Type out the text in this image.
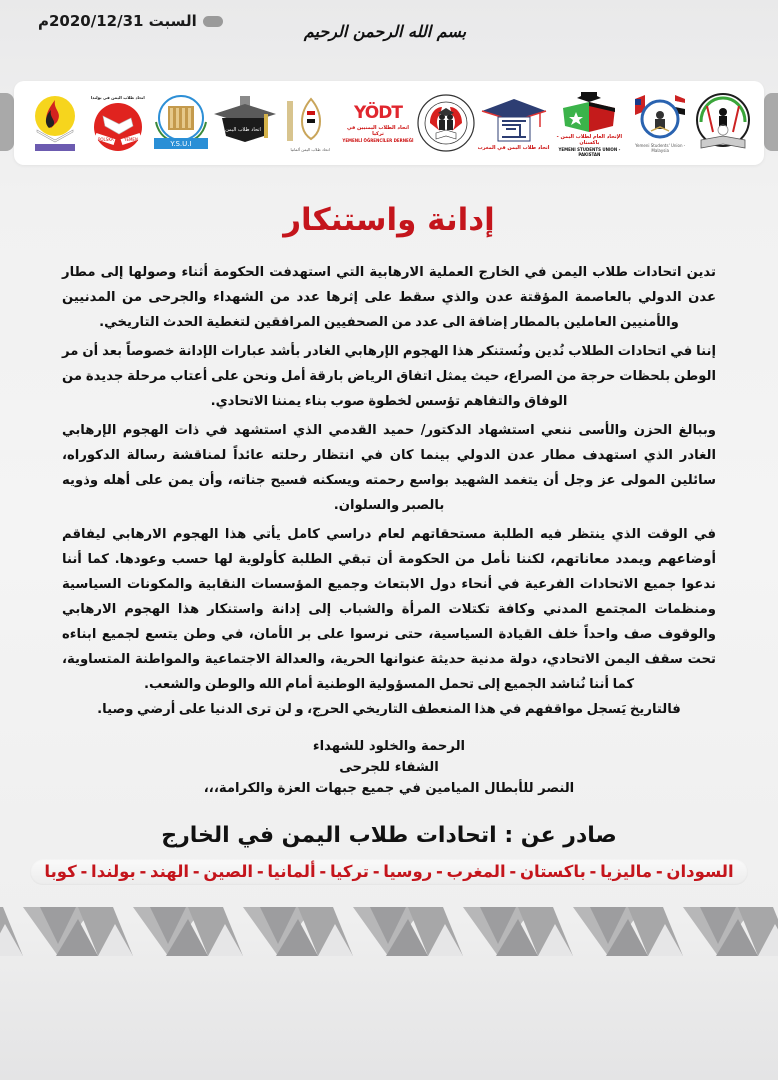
بسم الله الرحمن الرحيم
السبت 2020/12/31م
اتحاد طلاب اليمن في بولندا
POLSKA	YEMEN
Y.S.U.I
اتحاد طلاب اليمن
اتحاد طلاب اليمن ألمانيا
YÖDT
اتحاد الطلاب اليمنيين في تركيا
YEMENLİ ÖĞRENCİLER DERNEĞİ
اتحاد طلاب اليمن في المغرب
الإتحاد العام لطلاب اليمن - باكستان
YEMENI STUDENTS UNION - PAKISTAN
Yemeni Students' Union - Malaysia
إدانة واستنكار

تدين اتحادات طلاب اليمن في الخارج العملية الارهابية التي استهدفت الحكومة أثناء وصولها إلى مطار عدن الدولي بالعاصمة المؤقتة عدن والذي سقط على إثرها عدد من الشهداء والجرحى من المدنيين والأمنيين العاملين بالمطار إضافة الى عدد من الصحفيين المرافقين لتغطية الحدث التاريخي.

إننا في اتحادات الطلاب نُدين ونُستنكر هذا الهجوم الإرهابي الغادر بأشد عبارات الإدانة خصوصاً بعد أن مر الوطن بلحظات حرجة من الصراع، حيث يمثل اتفاق الرياض بارقة أمل ونحن على أعتاب مرحلة جديدة من الوفاق والتفاهم تؤسس لخطوة صوب بناء يمننا الاتحادي.

وببالغ الحزن والأسى ننعي استشهاد الدكتور/ حميد القدمي الذي استشهد في ذات الهجوم الإرهابي الغادر الذي استهدف مطار عدن الدولي بينما كان في انتظار رحلته عائداً لمناقشة رسالة الدكوراه، سائلين المولى عز وجل أن يتغمد الشهيد بواسع رحمته ويسكنه فسيح جناته، وأن يمن على أهله وذويه بالصبر والسلوان.

في الوقت الذي ينتظر فيه الطلبة مستحقاتهم لعام دراسي كامل يأتي هذا الهجوم الارهابي ليفاقم أوضاعهم ويمدد معاناتهم، لكننا نأمل من الحكومة أن تبقي الطلبة كأولوية لها حسب وعودها. كما أننا ندعوا جميع الاتحادات الفرعية في أنحاء دول الابتعاث وجميع المؤسسات النقابية والمكونات السياسية ومنظمات المجتمع المدني وكافة تكتلات المرأة والشباب إلى إدانة واستنكار هذا الهجوم الارهابي والوقوف صف واحداً خلف القيادة السياسية، حتى نرسوا على بر الأمان، في وطن يتسع لجميع ابناءه تحت سقف اليمن الاتحادي، دولة مدنية حديثة عنوانها الحرية، والعدالة الاجتماعية والمواطنة المتساوية، كما أننا نُناشد الجميع إلى تحمل المسؤولية الوطنية أمام الله والوطن والشعب.

فالتاريخ يَسجل مواقفهم في هذا المنعطف التاريخي الحرج، و لن ترى الدنيا على أرضي وصيا.

الرحمة والخلود للشهداء
الشفاء للجرحى
النصر للأبطال الميامين في جميع جبهات العزة والكرامة،،،
صادر عن : اتحادات طلاب اليمن في الخارج
السودان - ماليزيا - باكستان - المغرب - روسيا - تركيا - ألمانيا - الصين - الهند - بولندا - كوبا
